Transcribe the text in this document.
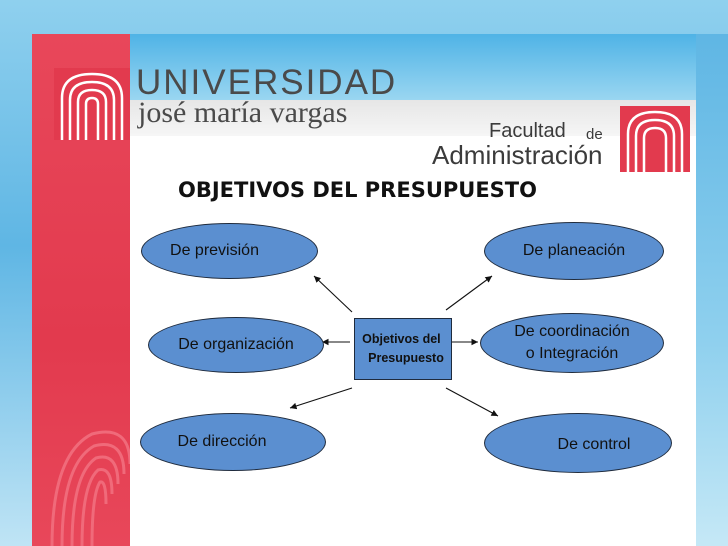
UNIVERSIDAD
josé maría vargas
Facultad de
Administración
OBJETIVOS DEL PRESUPUESTO
De previsión	De planeación
De organización
De coordinación
o Integración
De dirección	De control
Objetivos del
Presupuesto
